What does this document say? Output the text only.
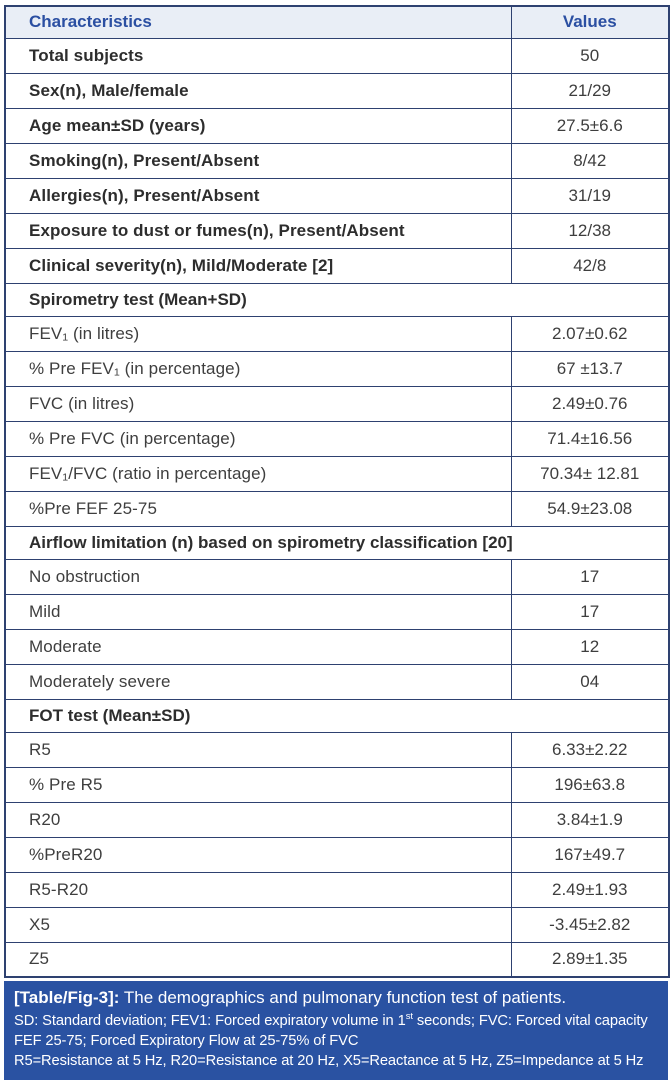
Characteristics	Values
Total subjects	50
Sex(n), Male/female	21/29
Age mean±SD (years)	27.5±6.6
Smoking(n), Present/Absent	8/42
Allergies(n), Present/Absent	31/19
Exposure to dust or fumes(n), Present/Absent	12/38
Clinical severity(n), Mild/Moderate [2]	42/8
Spirometry test (Mean+SD)	
FEV₁ (in litres)	2.07±0.62
% Pre FEV₁ (in percentage)	67 ±13.7
FVC (in litres)	2.49±0.76
% Pre FVC (in percentage)	71.4±16.56
FEV₁/FVC (ratio in percentage)	70.34± 12.81
%Pre FEF 25-75	54.9±23.08
Airflow limitation (n) based on spirometry classification [20]	
No obstruction	17
Mild	17
Moderate	12
Moderately severe	04
FOT test (Mean±SD)	
R5	6.33±2.22
% Pre R5	196±63.8
R20	3.84±1.9
%PreR20	167±49.7
R5-R20	2.49±1.93
X5	-3.45±2.82
Z5	2.89±1.35
[Table/Fig-3]: The demographics and pulmonary function test of patients.
SD: Standard deviation; FEV1: Forced expiratory volume in 1st seconds; FVC: Forced vital capacity
FEF 25-75; Forced Expiratory Flow at 25-75% of FVC
R5=Resistance at 5 Hz, R20=Resistance at 20 Hz, X5=Reactance at 5 Hz, Z5=Impedance at 5 Hz
